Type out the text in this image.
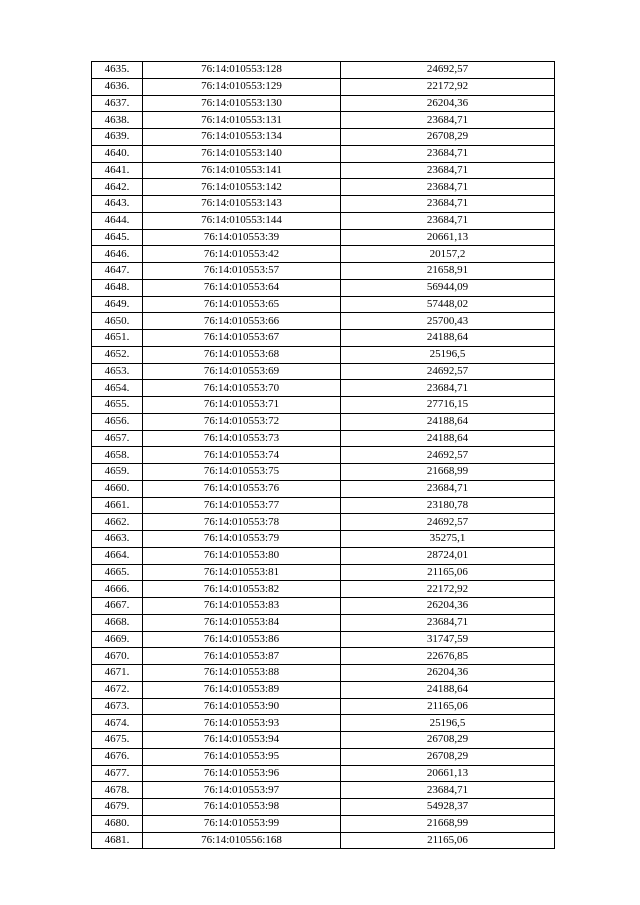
4635.	76:14:010553:128	24692,57
4636.	76:14:010553:129	22172,92
4637.	76:14:010553:130	26204,36
4638.	76:14:010553:131	23684,71
4639.	76:14:010553:134	26708,29
4640.	76:14:010553:140	23684,71
4641.	76:14:010553:141	23684,71
4642.	76:14:010553:142	23684,71
4643.	76:14:010553:143	23684,71
4644.	76:14:010553:144	23684,71
4645.	76:14:010553:39	20661,13
4646.	76:14:010553:42	20157,2
4647.	76:14:010553:57	21658,91
4648.	76:14:010553:64	56944,09
4649.	76:14:010553:65	57448,02
4650.	76:14:010553:66	25700,43
4651.	76:14:010553:67	24188,64
4652.	76:14:010553:68	25196,5
4653.	76:14:010553:69	24692,57
4654.	76:14:010553:70	23684,71
4655.	76:14:010553:71	27716,15
4656.	76:14:010553:72	24188,64
4657.	76:14:010553:73	24188,64
4658.	76:14:010553:74	24692,57
4659.	76:14:010553:75	21668,99
4660.	76:14:010553:76	23684,71
4661.	76:14:010553:77	23180,78
4662.	76:14:010553:78	24692,57
4663.	76:14:010553:79	35275,1
4664.	76:14:010553:80	28724,01
4665.	76:14:010553:81	21165,06
4666.	76:14:010553:82	22172,92
4667.	76:14:010553:83	26204,36
4668.	76:14:010553:84	23684,71
4669.	76:14:010553:86	31747,59
4670.	76:14:010553:87	22676,85
4671.	76:14:010553:88	26204,36
4672.	76:14:010553:89	24188,64
4673.	76:14:010553:90	21165,06
4674.	76:14:010553:93	25196,5
4675.	76:14:010553:94	26708,29
4676.	76:14:010553:95	26708,29
4677.	76:14:010553:96	20661,13
4678.	76:14:010553:97	23684,71
4679.	76:14:010553:98	54928,37
4680.	76:14:010553:99	21668,99
4681.	76:14:010556:168	21165,06
